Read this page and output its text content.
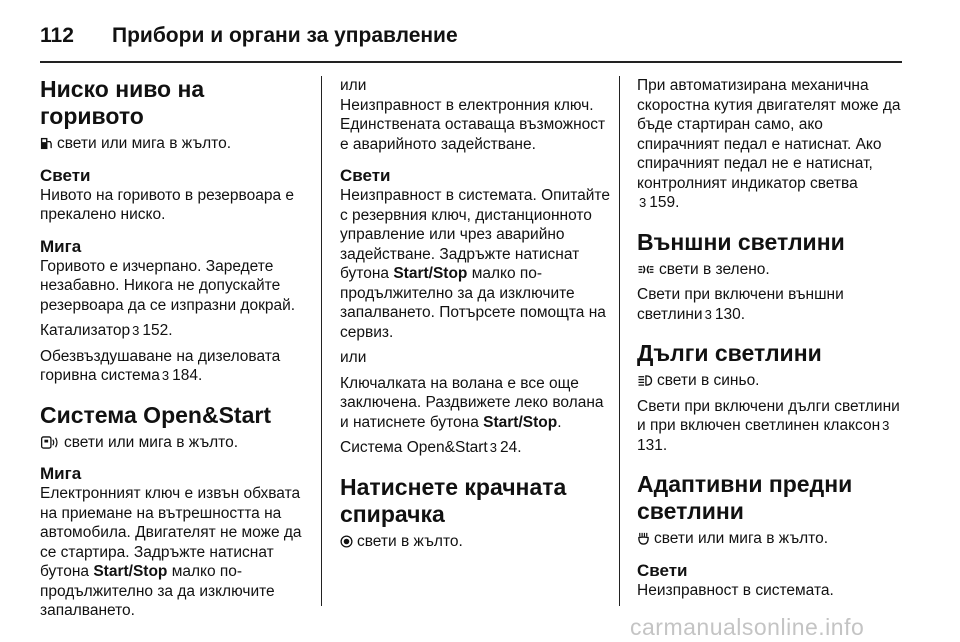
112	Прибори и органи за управление
Ниско ниво на горивото

свети или мига в жълто.

Свети

Нивото на горивото в резервоара е прекалено ниско.

Мига

Горивото е изчерпано. Заредете незабавно. Никога не допускайте резервоара да се изпразни докрай.

Катализатор 3 152.

Обезвъздушаване на дизеловата горивна система 3 184.

Система Open&Start

свети или мига в жълто.

Мига

Електронният ключ е извън обхвата на приемане на вътрешността на автомобила. Двигателят не може да се стартира. Задръжте натиснат бутона Start/Stop малко по-продължително за да изключите запалването.

или

Неизправност в електронния ключ. Единствената оставаща възможност е аварийното задействане.

Свети

Неизправност в системата. Опитайте с резервния ключ, дистанционното управление или чрез аварийно задействане. Задръжте натиснат бутона Start/Stop малко по-продължително за да изключите запалването. Потърсете помощта на сервиз.

или

Ключалката на волана е все още заключена. Раздвижете леко волана и натиснете бутона Start/Stop.

Система Open&Start 3 24.

Натиснете крачната спирачка

свети в жълто.

При автоматизирана механична скоростна кутия двигателят може да бъде стартиран само, ако спирачният педал е натиснат. Ако спирачният педал не е натиснат, контролният индикатор светва
3 159.

Външни светлини

свети в зелено.

Свети при включени външни светлини 3 130.

Дълги светлини

свети в синьо.

Свети при включени дълги светлини и при включен светлинен клаксон 3131.

Адаптивни предни светлини

свети или мига в жълто.

Свети

Неизправност в системата.

carmanualsonline.info
